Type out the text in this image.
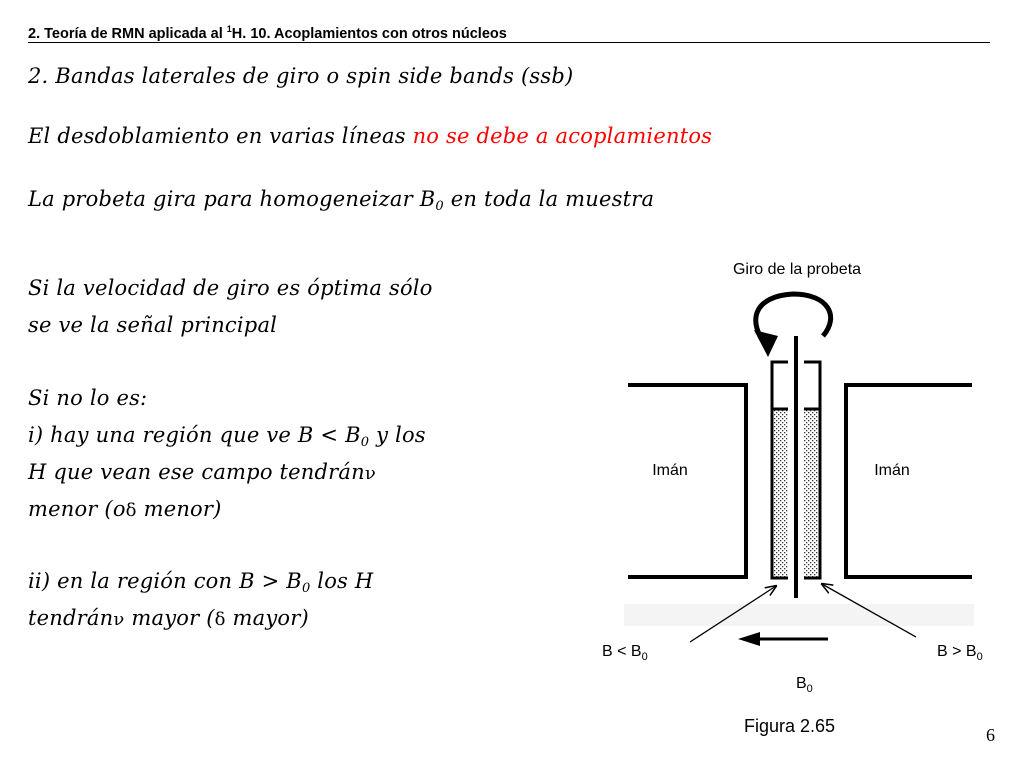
2. Teoría de RMN aplicada al $^1$H. 10. Acoplamientos con otros núcleos
2. Bandas laterales de giro o spin side bands (ssb)
El desdoblamiento en varias líneas no se debe a acoplamientos
La probeta gira para homogeneizar $B_0$ en toda la muestra
Si la velocidad de giro es óptima sólo
se ve la señal principal
Si no lo es:
i) hay una región que ve $B < B_0$ y los
H que vean ese campo tendránν
menor (oδ menor)
ii) en la región con $B > B_0$ los H
tendránν mayor (δ mayor)
Giro de la probeta
Imán	Imán
$B < B_0$	$B > B_0$
$B_0$
Figura 2.65	6
